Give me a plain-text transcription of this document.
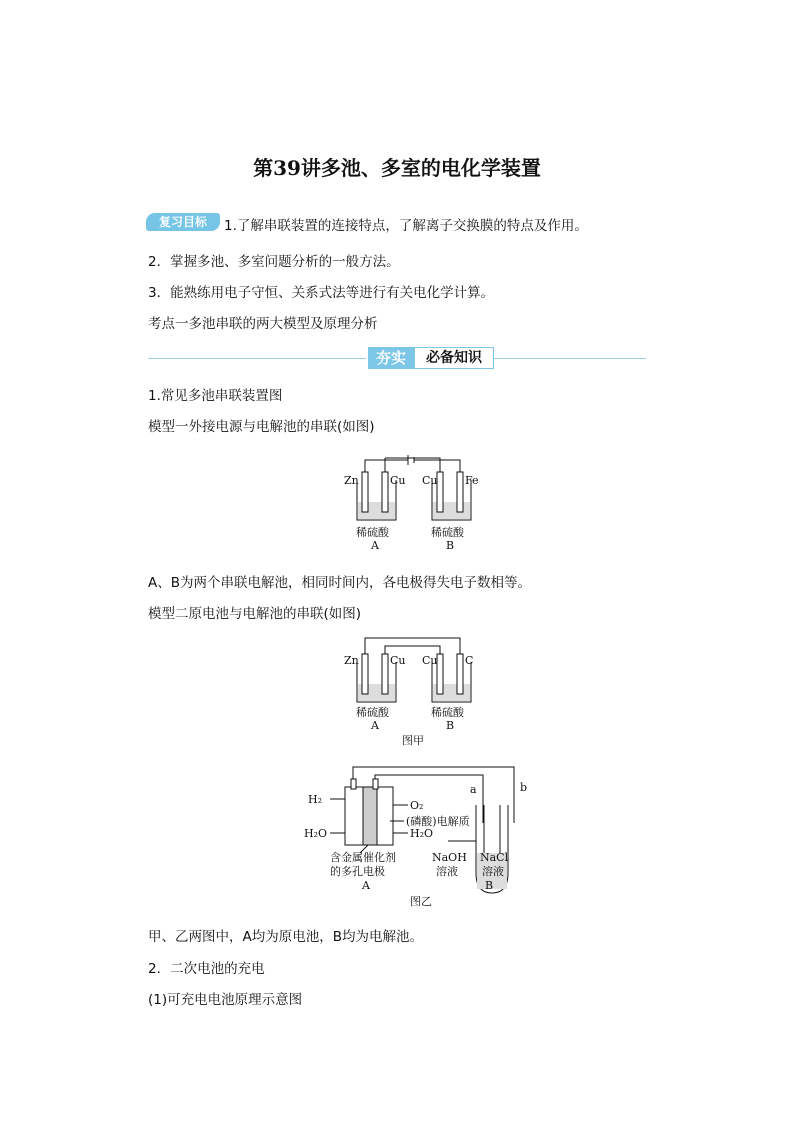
第39讲多池、多室的电化学装置
复习目标	1.了解串联装置的连接特点，了解离子交换膜的特点及作用。
2．掌握多池、多室问题分析的一般方法。
3．能熟练用电子守恒、关系式法等进行有关电化学计算。
考点一多池串联的两大模型及原理分析
夯实	必备知识
1.常见多池串联装置图
模型一外接电源与电解池的串联(如图)
Zn	Cu Cu Fe
稀硫酸	稀硫酸
A	B
A、B为两个串联电解池，相同时间内，各电极得失电子数相等。
模型二原电池与电解池的串联(如图)
Zn	Cu Cu C
稀硫酸	稀硫酸
A	B
图甲
H₂	O₂
(磷酸)电解质
H₂O	H₂O
a	b
含金属催化剂
的多孔电极
A
NaOH
溶液
NaCl
溶液
B
图乙
甲、乙两图中，A均为原电池，B均为电解池。
2．二次电池的充电
(1)可充电电池原理示意图
